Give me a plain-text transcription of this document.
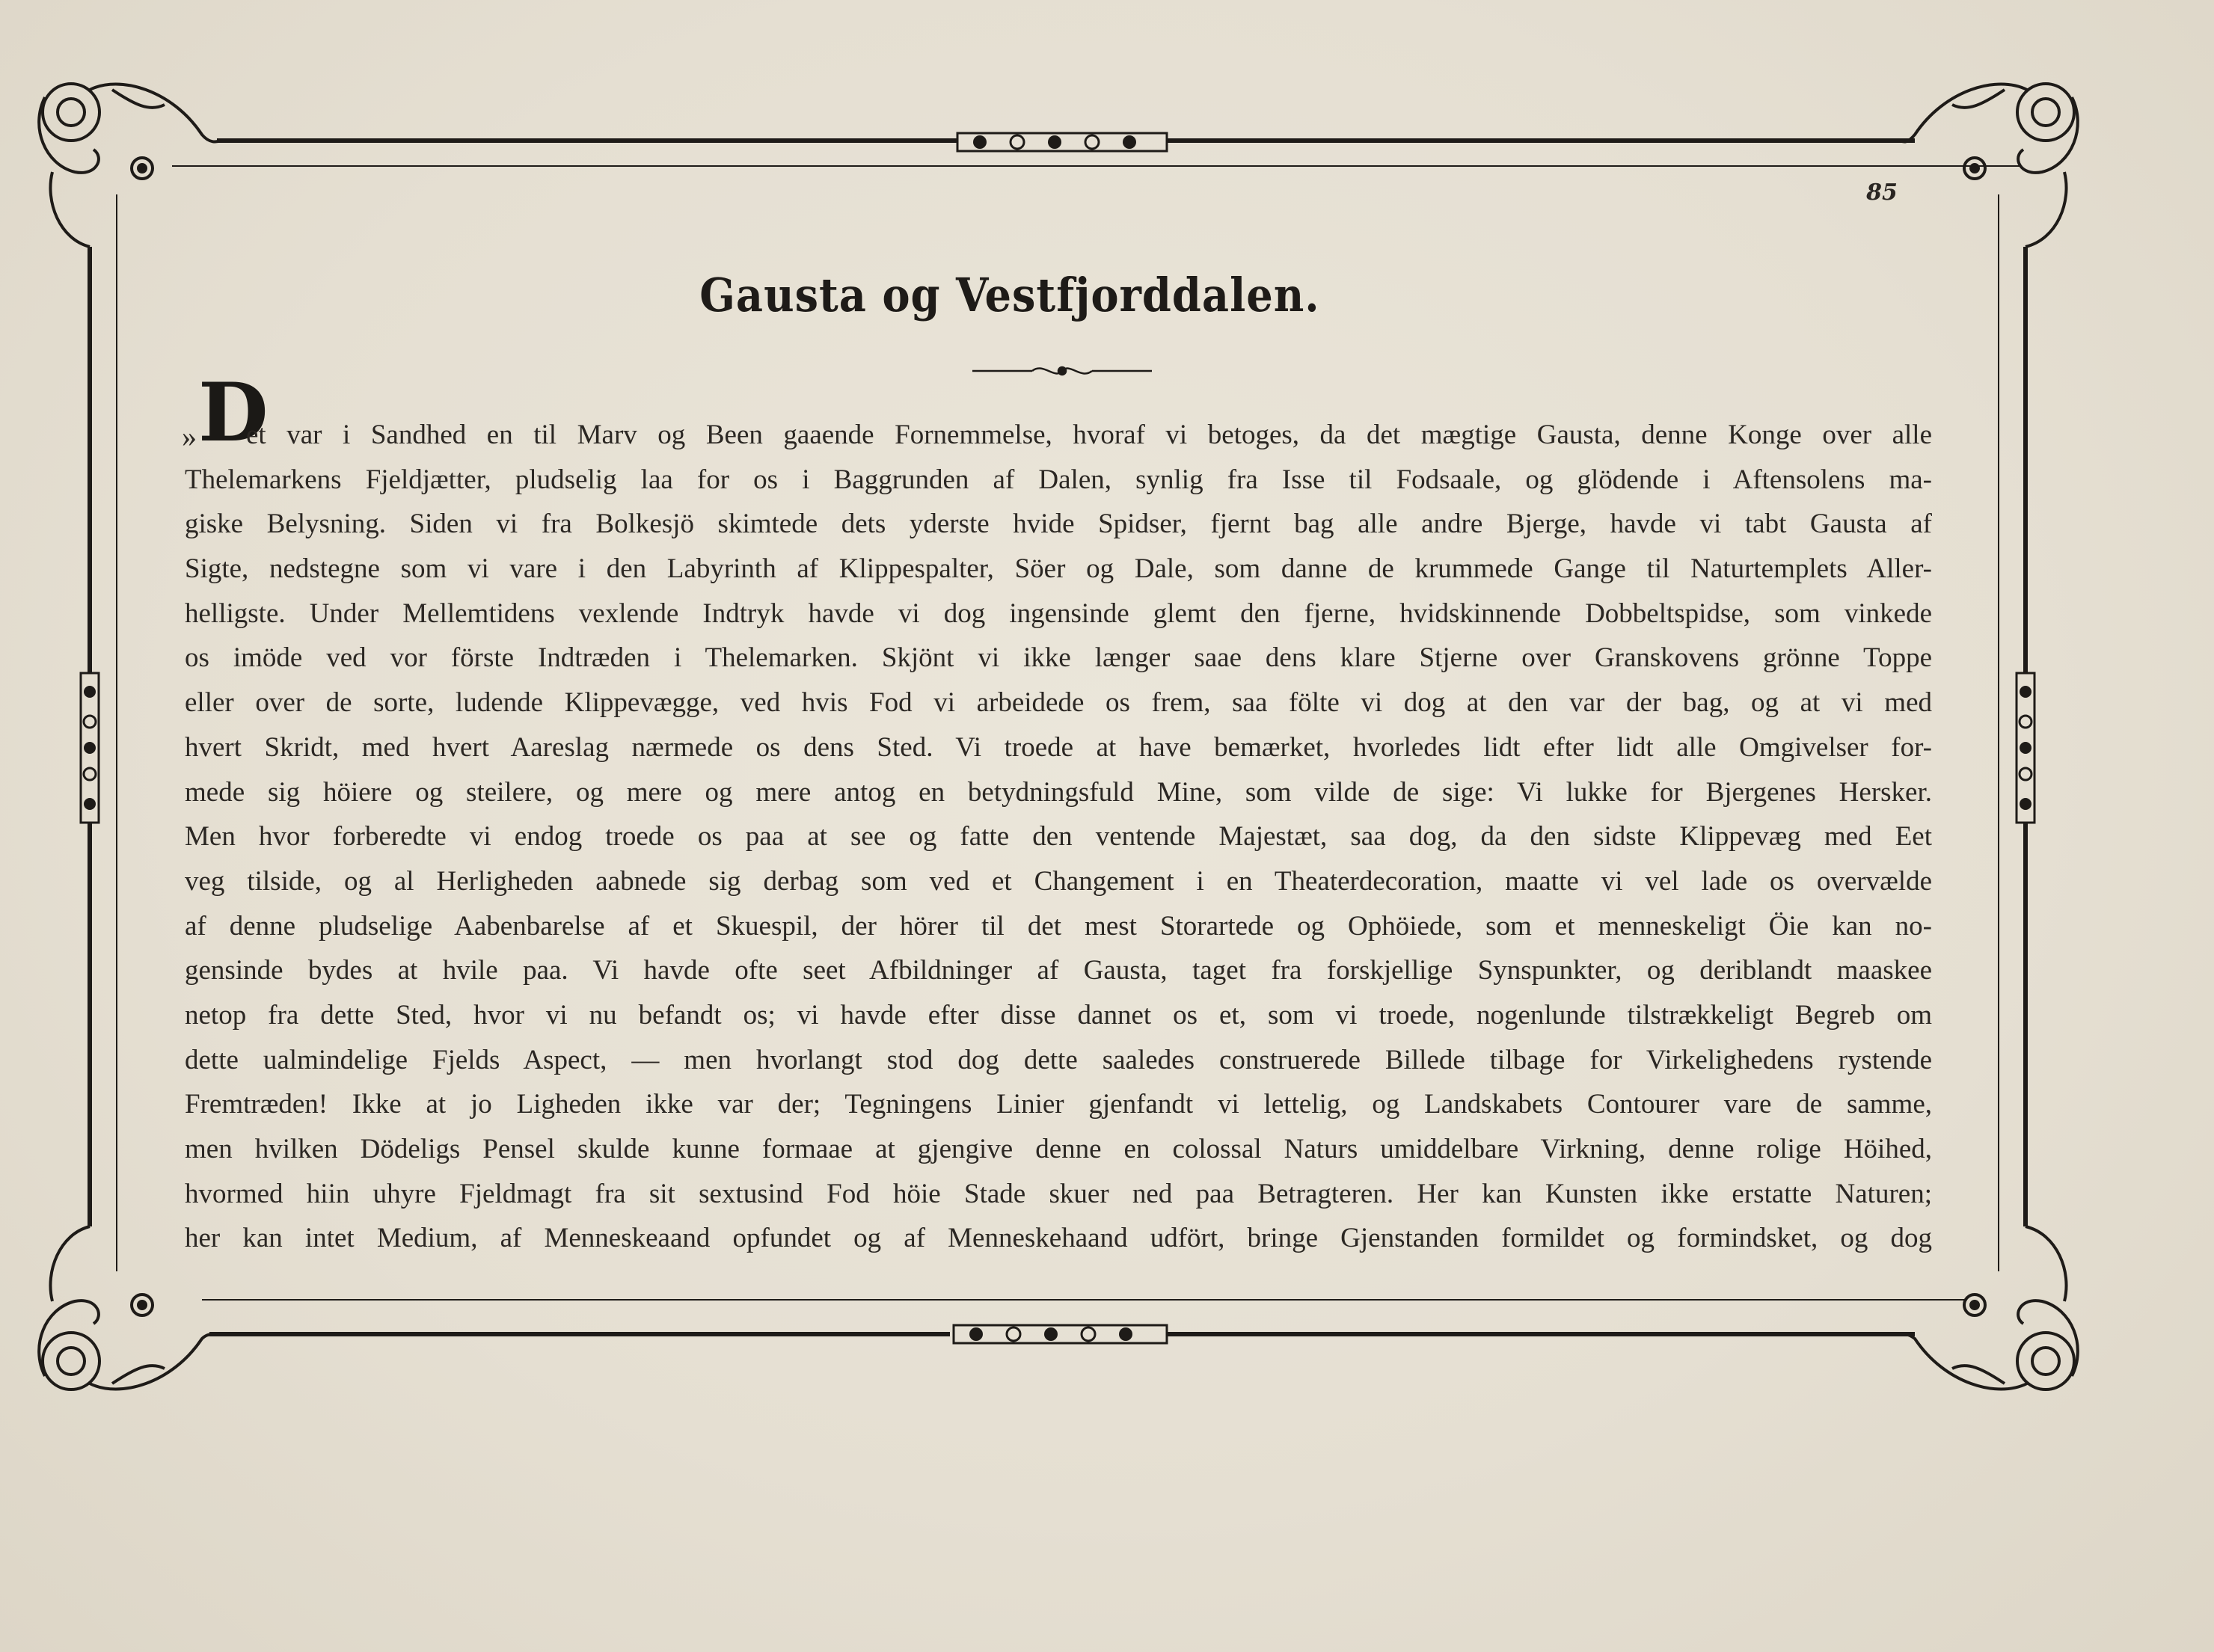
85
Gausta og Vestfjorddalen.
» D
et var i Sandhed en til Marv og Been gaaende Fornemmelse, hvoraf vi betoges, da det mægtige Gausta, denne Konge over alle
Thelemarkens Fjeldjætter, pludselig laa for os i Baggrunden af Dalen, synlig fra Isse til Fodsaale, og glödende i Aftensolens ma-
giske Belysning. Siden vi fra Bolkesjö skimtede dets yderste hvide Spidser, fjernt bag alle andre Bjerge, havde vi tabt Gausta af
Sigte, nedstegne som vi vare i den Labyrinth af Klippespalter, Söer og Dale, som danne de krummede Gange til Naturtemplets Aller-
helligste. Under Mellemtidens vexlende Indtryk havde vi dog ingensinde glemt den fjerne, hvidskinnende Dobbeltspidse, som vinkede
os imöde ved vor förste Indtræden i Thelemarken. Skjönt vi ikke længer saae dens klare Stjerne over Granskovens grönne Toppe
eller over de sorte, ludende Klippevægge, ved hvis Fod vi arbeidede os frem, saa fölte vi dog at den var der bag, og at vi med
hvert Skridt, med hvert Aareslag nærmede os dens Sted. Vi troede at have bemærket, hvorledes lidt efter lidt alle Omgivelser for-
mede sig höiere og steilere, og mere og mere antog en betydningsfuld Mine, som vilde de sige: Vi lukke for Bjergenes Hersker.
Men hvor forberedte vi endog troede os paa at see og fatte den ventende Majestæt, saa dog, da den sidste Klippevæg med Eet
veg tilside, og al Herligheden aabnede sig derbag som ved et Changement i en Theaterdecoration, maatte vi vel lade os overvælde
af denne pludselige Aabenbarelse af et Skuespil, der hörer til det mest Storartede og Ophöiede, som et menneskeligt Öie kan no-
gensinde bydes at hvile paa. Vi havde ofte seet Afbildninger af Gausta, taget fra forskjellige Synspunkter, og deriblandt maaskee
netop fra dette Sted, hvor vi nu befandt os; vi havde efter disse dannet os et, som vi troede, nogenlunde tilstrækkeligt Begreb om
dette ualmindelige Fjelds Aspect, — men hvorlangt stod dog dette saaledes construerede Billede tilbage for Virkelighedens rystende
Fremtræden! Ikke at jo Ligheden ikke var der; Tegningens Linier gjenfandt vi lettelig, og Landskabets Contourer vare de samme,
men hvilken Dödeligs Pensel skulde kunne formaae at gjengive denne en colossal Naturs umiddelbare Virkning, denne rolige Höihed,
hvormed hiin uhyre Fjeldmagt fra sit sextusind Fod höie Stade skuer ned paa Betragteren. Her kan Kunsten ikke erstatte Naturen;
her kan intet Medium, af Menneskeaand opfundet og af Menneskehaand udfört, bringe Gjenstanden formildet og formindsket, og dog
